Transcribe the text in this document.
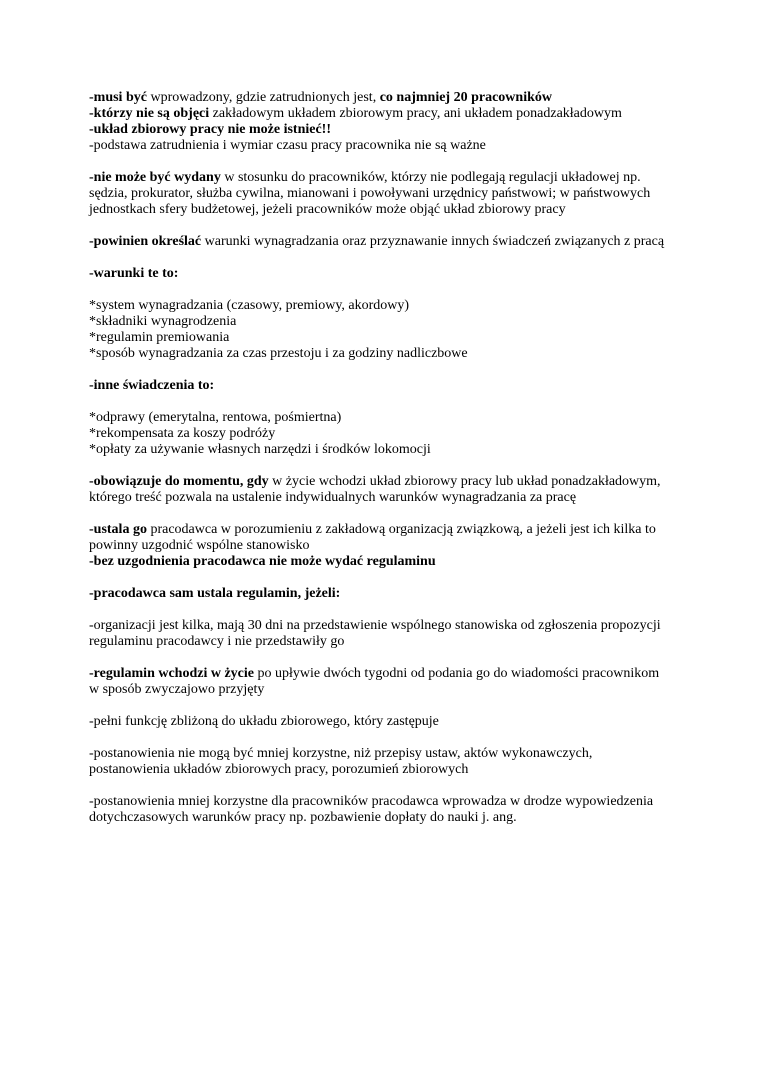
-musi być wprowadzony, gdzie zatrudnionych jest, co najmniej 20 pracowników
-którzy nie są objęci zakładowym układem zbiorowym pracy, ani układem ponadzakładowym
-układ zbiorowy pracy nie może istnieć!!
-podstawa zatrudnienia i wymiar czasu pracy pracownika nie są ważne
-nie może być wydany w stosunku do pracowników, którzy nie podlegają regulacji układowej np.
sędzia, prokurator, służba cywilna, mianowani i powoływani urzędnicy państwowi; w państwowych
jednostkach sfery budżetowej, jeżeli pracowników może objąć układ zbiorowy pracy
-powinien określać warunki wynagradzania oraz przyznawanie innych świadczeń związanych z pracą
-warunki te to:
*system wynagradzania (czasowy, premiowy, akordowy)
*składniki wynagrodzenia
*regulamin premiowania
*sposób wynagradzania za czas przestoju i za godziny nadliczbowe
-inne świadczenia to:
*odprawy (emerytalna, rentowa, pośmiertna)
*rekompensata za koszy podróży
*opłaty za używanie własnych narzędzi i środków lokomocji
-obowiązuje do momentu, gdy w życie wchodzi układ zbiorowy pracy lub układ ponadzakładowym,
którego treść pozwala na ustalenie indywidualnych warunków wynagradzania za pracę
-ustala go pracodawca w porozumieniu z zakładową organizacją związkową, a jeżeli jest ich kilka to
powinny uzgodnić wspólne stanowisko
-bez uzgodnienia pracodawca nie może wydać regulaminu
-pracodawca sam ustala regulamin, jeżeli:
-organizacji jest kilka, mają 30 dni na przedstawienie wspólnego stanowiska od zgłoszenia propozycji
regulaminu pracodawcy i nie przedstawiły go
-regulamin wchodzi w życie po upływie dwóch tygodni od podania go do wiadomości pracownikom
w sposób zwyczajowo przyjęty
-pełni funkcję zbliżoną do układu zbiorowego, który zastępuje
-postanowienia nie mogą być mniej korzystne, niż przepisy ustaw, aktów wykonawczych,
postanowienia układów zbiorowych pracy, porozumień zbiorowych
-postanowienia mniej korzystne dla pracowników pracodawca wprowadza w drodze wypowiedzenia
dotychczasowych warunków pracy np. pozbawienie dopłaty do nauki j. ang.
